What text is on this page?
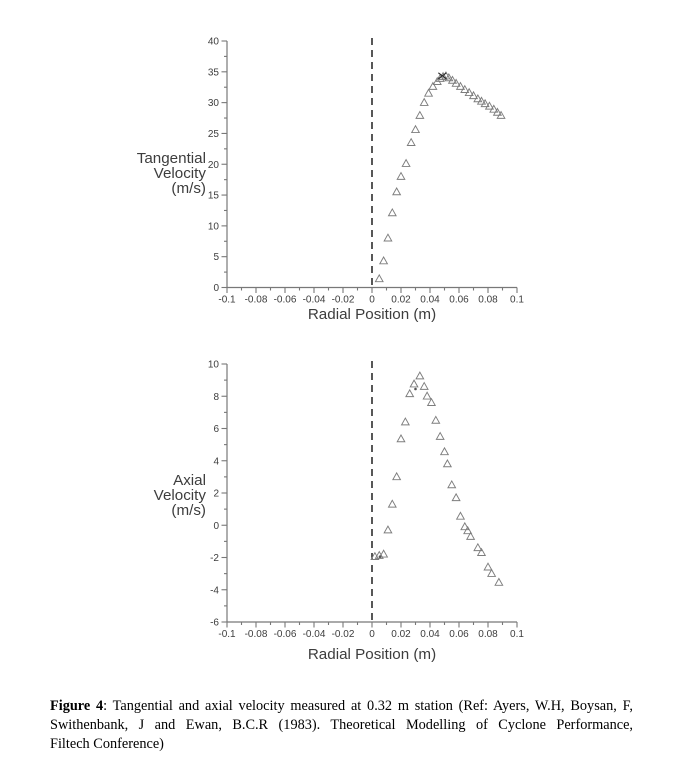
-0.1 -0.08 -0.06 -0.04 -0.02 0 0.02 0.04 0.06 0.08 0.1
0
5
10
15
20
25
30
35
40
Radial Position (m)
Tangential
Velocity
(m/s)
-0.1 -0.08 -0.06 -0.04 -0.02 0 0.02 0.04 0.06 0.08 0.1
-6
-4
-2
0
2
4
6
8
10
Radial Position (m)
Axial
Velocity
(m/s)
Figure 4: Tangential and axial velocity measured at 0.32 m station (Ref: Ayers, W.H, Boysan, F,
Swithenbank, J and Ewan, B.C.R (1983). Theoretical Modelling of Cyclone Performance,
Filtech Conference)
